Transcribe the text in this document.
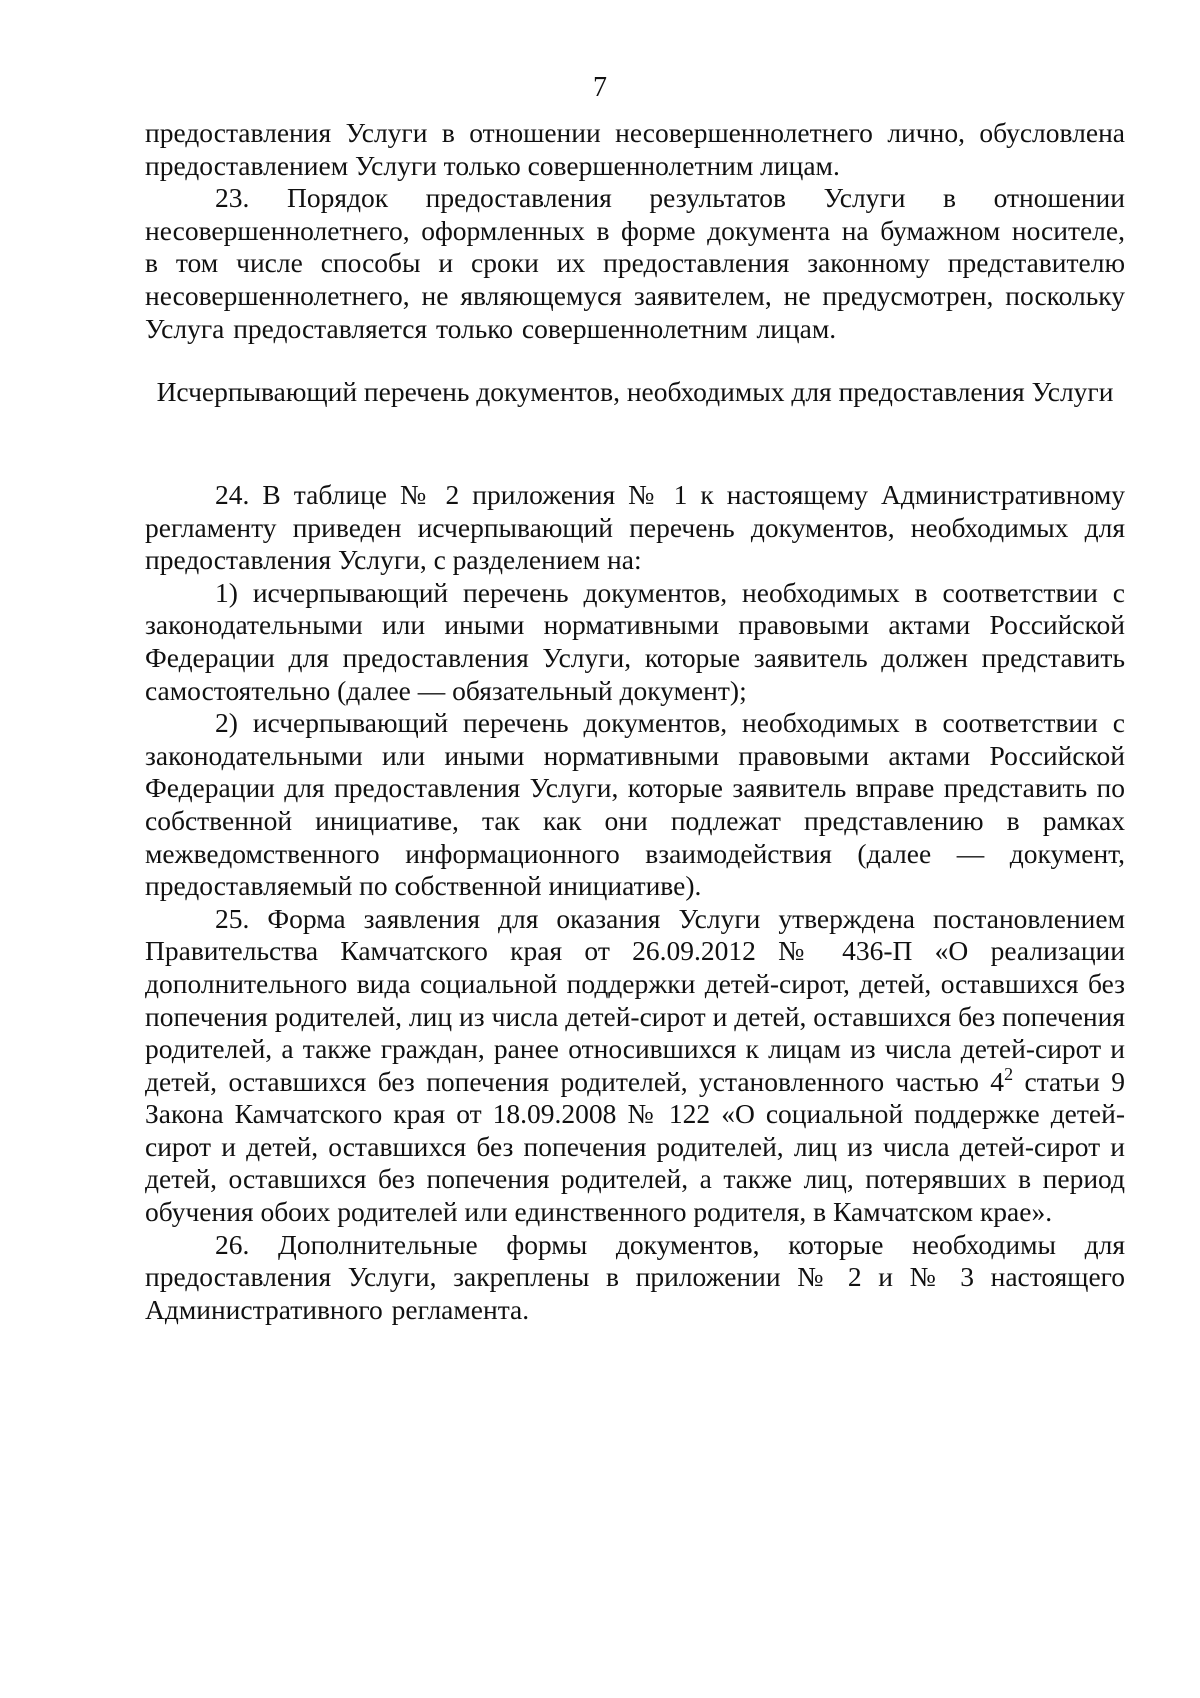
7

предоставления Услуги в отношении несовершеннолетнего лично, обусловлена предоставлением Услуги только совершеннолетним лицам.

23. Порядок предоставления результатов Услуги в отношении несовершеннолетнего, оформленных в форме документа на бумажном носителе, в том числе способы и сроки их предоставления законному представителю несовершеннолетнего, не являющемуся заявителем, не предусмотрен, поскольку Услуга предоставляется только совершеннолетним лицам.

Исчерпывающий перечень документов, необходимых для предоставления Услуги

24. В таблице № 2 приложения № 1 к настоящему Административному регламенту приведен исчерпывающий перечень документов, необходимых для предоставления Услуги, с разделением на:

1) исчерпывающий перечень документов, необходимых в соответствии с законодательными или иными нормативными правовыми актами Российской Федерации для предоставления Услуги, которые заявитель должен представить самостоятельно (далее — обязательный документ);

2) исчерпывающий перечень документов, необходимых в соответствии с законодательными или иными нормативными правовыми актами Российской Федерации для предоставления Услуги, которые заявитель вправе представить по собственной инициативе, так как они подлежат представлению в рамках межведомственного информационного взаимодействия (далее — документ, предоставляемый по собственной инициативе).

25. Форма заявления для оказания Услуги утверждена постановлением Правительства Камчатского края от 26.09.2012 № 436-П «О реализации дополнительного вида социальной поддержки детей-сирот, детей, оставшихся без попечения родителей, лиц из числа детей-сирот и детей, оставшихся без попечения родителей, а также граждан, ранее относившихся к лицам из числа детей-сирот и детей, оставшихся без попечения родителей, установленного частью $4^2$ статьи 9 Закона Камчатского края от 18.09.2008 № 122 «О социальной поддержке детей-сирот и детей, оставшихся без попечения родителей, лиц из числа детей-сирот и детей, оставшихся без попечения родителей, а также лиц, потерявших в период обучения обоих родителей или единственного родителя, в Камчатском крае».

26. Дополнительные формы документов, которые необходимы для предоставления Услуги, закреплены в приложении № 2 и № 3 настоящего Административного регламента.
